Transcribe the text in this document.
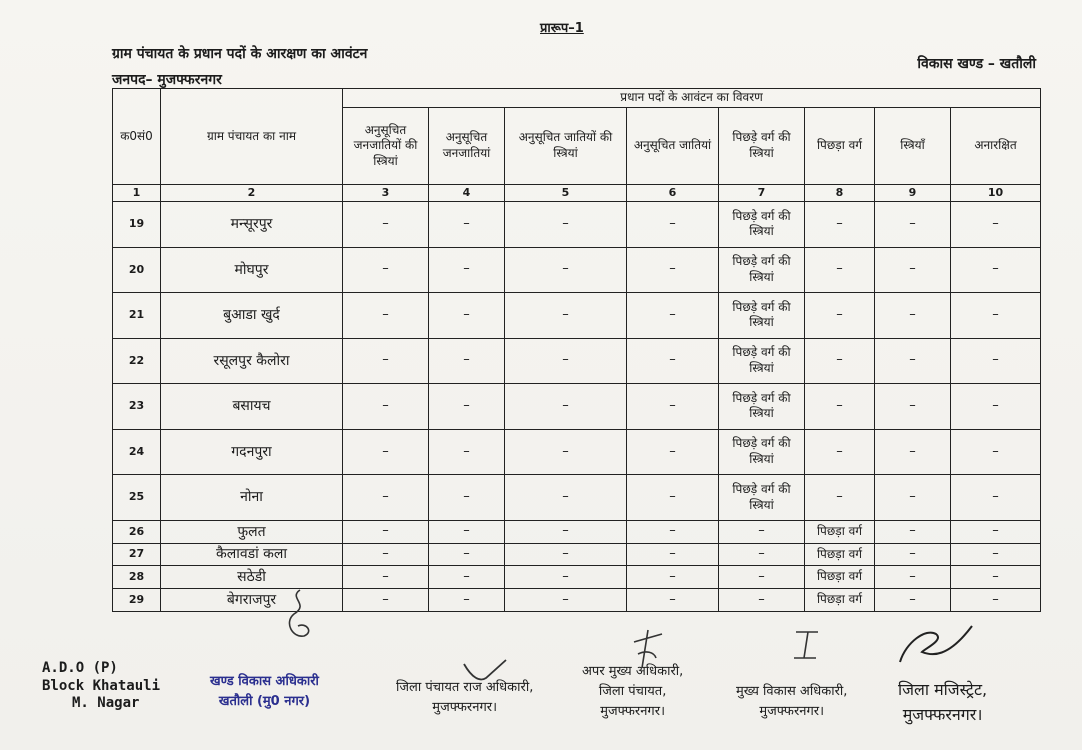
प्रारूप–1
ग्राम पंचायत के प्रधान पदों के आरक्षण का आवंटन
जनपद– मुजफ्फरनगर
विकास खण्ड – खतौली
क0सं0	ग्राम पंचायत का नाम	प्रधान पदों के आवंटन का विवरण							
		अनुसूचित जनजातियों की स्त्रियां	अनुसूचित जनजातियां	अनुसूचित जातियों की स्त्रियां	अनुसूचित जातियां	पिछड़े वर्ग की स्त्रियां	पिछड़ा वर्ग	स्त्रियाँ	अनारक्षित
1	2	3	4	5	6	7	8	9	10
19	मन्सूरपुर	–	–	–	–	पिछड़े वर्ग की स्त्रियां	–	–	–
20	मोघपुर	–	–	–	–	पिछड़े वर्ग की स्त्रियां	–	–	–
21	बुआडा खुर्द	–	–	–	–	पिछड़े वर्ग की स्त्रियां	–	–	–
22	रसूलपुर कैलोरा	–	–	–	–	पिछड़े वर्ग की स्त्रियां	–	–	–
23	बसायच	–	–	–	–	पिछड़े वर्ग की स्त्रियां	–	–	–
24	गदनपुरा	–	–	–	–	पिछड़े वर्ग की स्त्रियां	–	–	–
25	नोना	–	–	–	–	पिछड़े वर्ग की स्त्रियां	–	–	–
26	फुलत	–	–	–	–	–	पिछड़ा वर्ग	–	–
27	कैलावडां कला	–	–	–	–	–	पिछड़ा वर्ग	–	–
28	सठेडी	–	–	–	–	–	पिछड़ा वर्ग	–	–
29	बेगराजपुर	–	–	–	–	–	पिछड़ा वर्ग	–	–
A.D.O (P)
Block Khatauli
M. Nagar
खण्ड विकास अधिकारी
खतौली (मु0 नगर)
जिला पंचायत राज अधिकारी,
मुजफ्फरनगर।
अपर मुख्य अधिकारी,
जिला पंचायत,
मुजफ्फरनगर।
मुख्य विकास अधिकारी,
मुजफ्फरनगर।
जिला मजिस्ट्रेट,
मुजफ्फरनगर।
